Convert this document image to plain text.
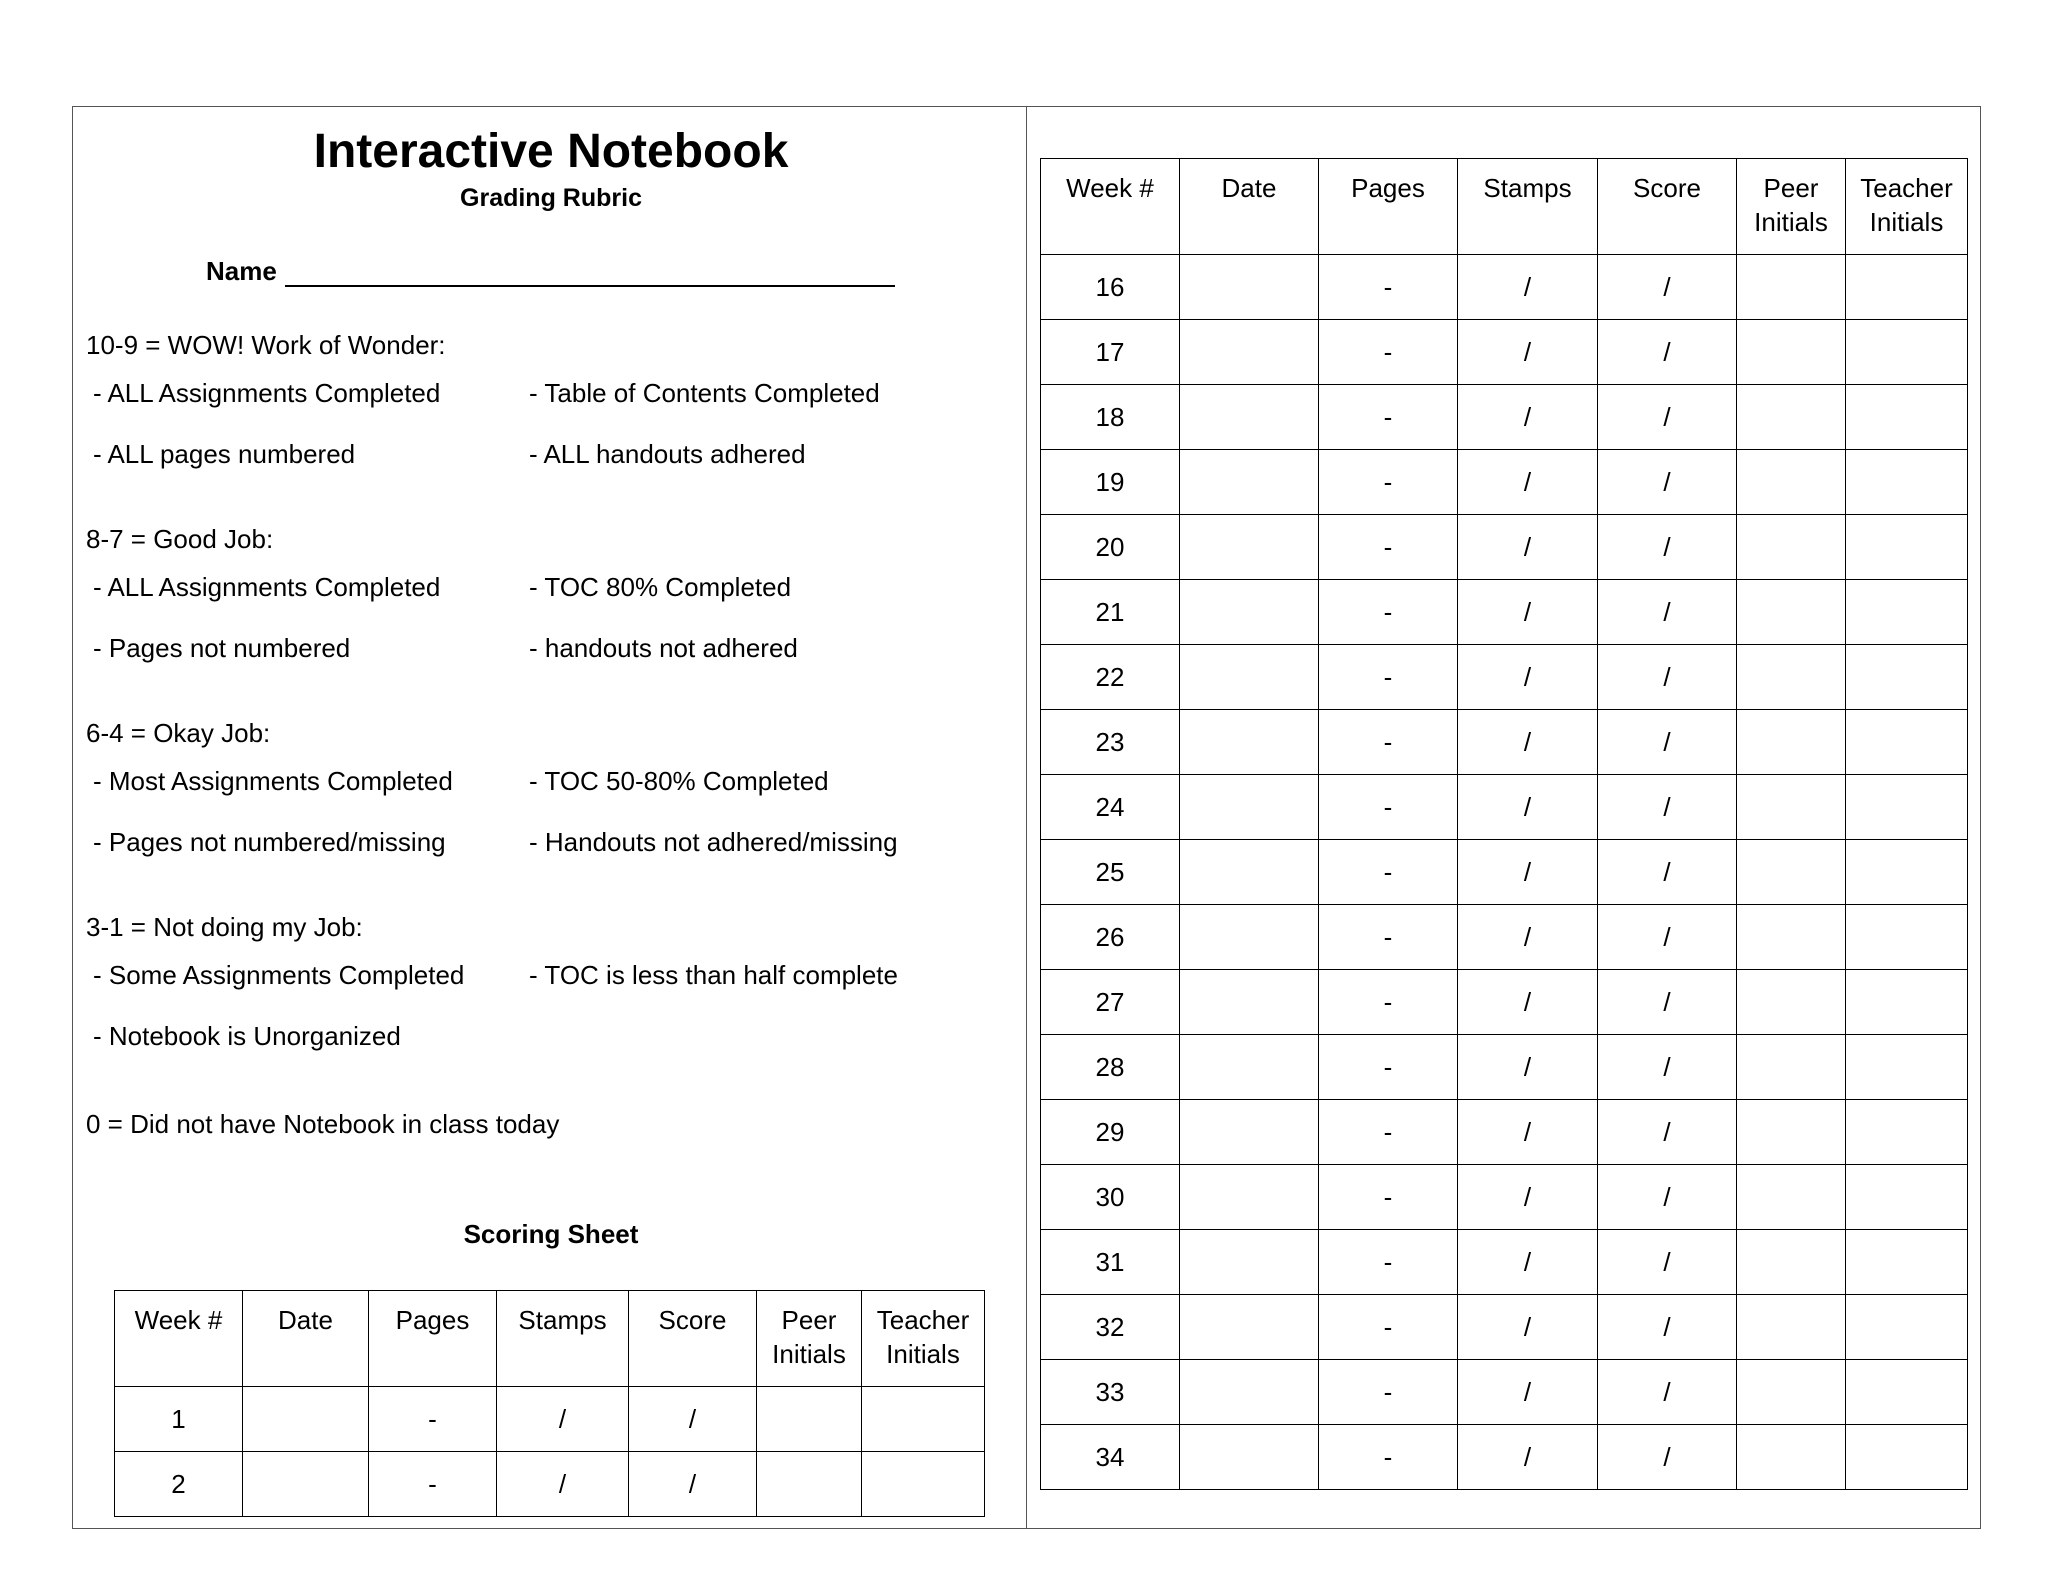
Interactive Notebook
Grading Rubric
Name
10-9 = WOW! Work of Wonder:
- ALL Assignments Completed	- Table of Contents Completed
- ALL pages numbered	- ALL handouts adhered
8-7 = Good Job:
- ALL Assignments Completed	- TOC 80% Completed
- Pages not numbered	- handouts not adhered
6-4 = Okay Job:
- Most Assignments Completed	- TOC 50-80% Completed
- Pages not numbered/missing	- Handouts not adhered/missing
3-1 = Not doing my Job:
- Some Assignments Completed - TOC is less than half complete
- Notebook is Unorganized
0 = Did not have Notebook in class today
Scoring Sheet
Week #	Date	Pages	Stamps	Score	Peer Initials	Teacher Initials
1		-	/	/		
2		-	/	/		
Week #	Date	Pages	Stamps	Score	Peer Initials	Teacher Initials
16		-	/	/		
17		-	/	/		
18		-	/	/		
19		-	/	/		
20		-	/	/		
21		-	/	/		
22		-	/	/		
23		-	/	/		
24		-	/	/		
25		-	/	/		
26		-	/	/		
27		-	/	/		
28		-	/	/		
29		-	/	/		
30		-	/	/		
31		-	/	/		
32		-	/	/		
33		-	/	/		
34		-	/	/		
